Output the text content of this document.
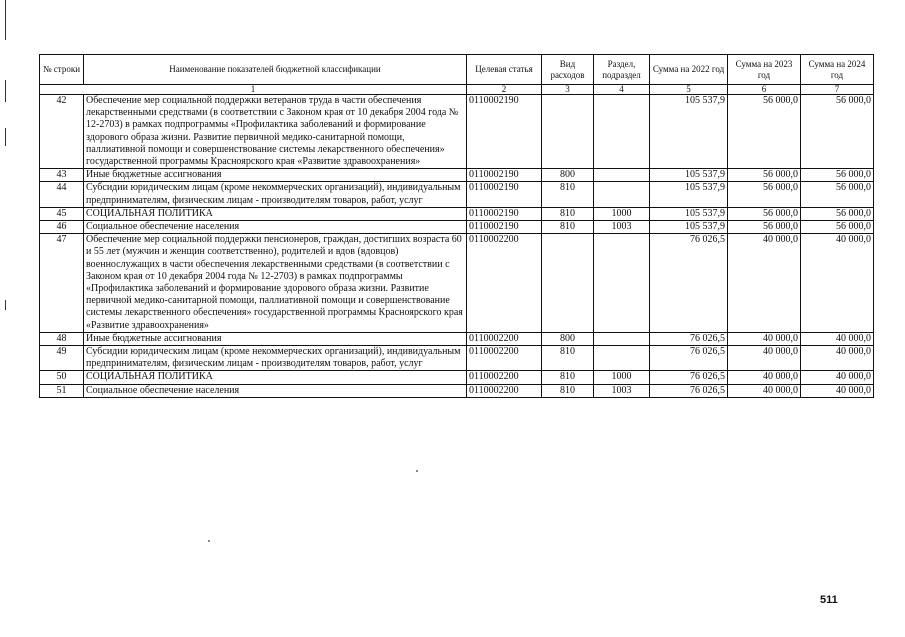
№ строки	Наименование показателей бюджетной классификации	Целевая статья	Вид расходов	Раздел, подраздел	Сумма на 2022 год	Сумма на 2023 год	Сумма на 2024 год
1		2	3	4	5	6	7
42	Обеспечение мер социальной поддержки ветеранов труда в части обеспечения лекарственными средствами (в соответствии с Законом края от 10 декабря 2004 года № 12-2703) в рамках подпрограммы «Профилактика заболеваний и формирование здорового образа жизни. Развитие первичной медико-санитарной помощи, паллиативной помощи и совершенствование системы лекарственного обеспечения» государственной программы Красноярского края «Развитие здравоохранения»	0110002190			105 537,9	56 000,0	56 000,0
43	Иные бюджетные ассигнования	0110002190	800		105 537,9	56 000,0	56 000,0
44	Субсидии юридическим лицам (кроме некоммерческих организаций), индивидуальным предпринимателям, физическим лицам - производителям товаров, работ, услуг	0110002190	810		105 537,9	56 000,0	56 000,0
45	СОЦИАЛЬНАЯ ПОЛИТИКА	0110002190	810	1000	105 537,9	56 000,0	56 000,0
46	Социальное обеспечение населения	0110002190	810	1003	105 537,9	56 000,0	56 000,0
47	Обеспечение мер социальной поддержки пенсионеров, граждан, достигших возраста 60 и 55 лет (мужчин и женщин соответственно), родителей и вдов (вдовцов) военнослужащих в части обеспечения лекарственными средствами (в соответствии с Законом края от 10 декабря 2004 года № 12-2703) в рамках подпрограммы «Профилактика заболеваний и формирование здорового образа жизни. Развитие первичной медико-санитарной помощи, паллиативной помощи и совершенствование системы лекарственного обеспечения» государственной программы Красноярского края «Развитие здравоохранения»	0110002200			76 026,5	40 000,0	40 000,0
48	Иные бюджетные ассигнования	0110002200	800		76 026,5	40 000,0	40 000,0
49	Субсидии юридическим лицам (кроме некоммерческих организаций), индивидуальным предпринимателям, физическим лицам - производителям товаров, работ, услуг	0110002200	810		76 026,5	40 000,0	40 000,0
50	СОЦИАЛЬНАЯ ПОЛИТИКА	0110002200	810	1000	76 026,5	40 000,0	40 000,0
51	Социальное обеспечение населения	0110002200	810	1003	76 026,5	40 000,0	40 000,0
511
